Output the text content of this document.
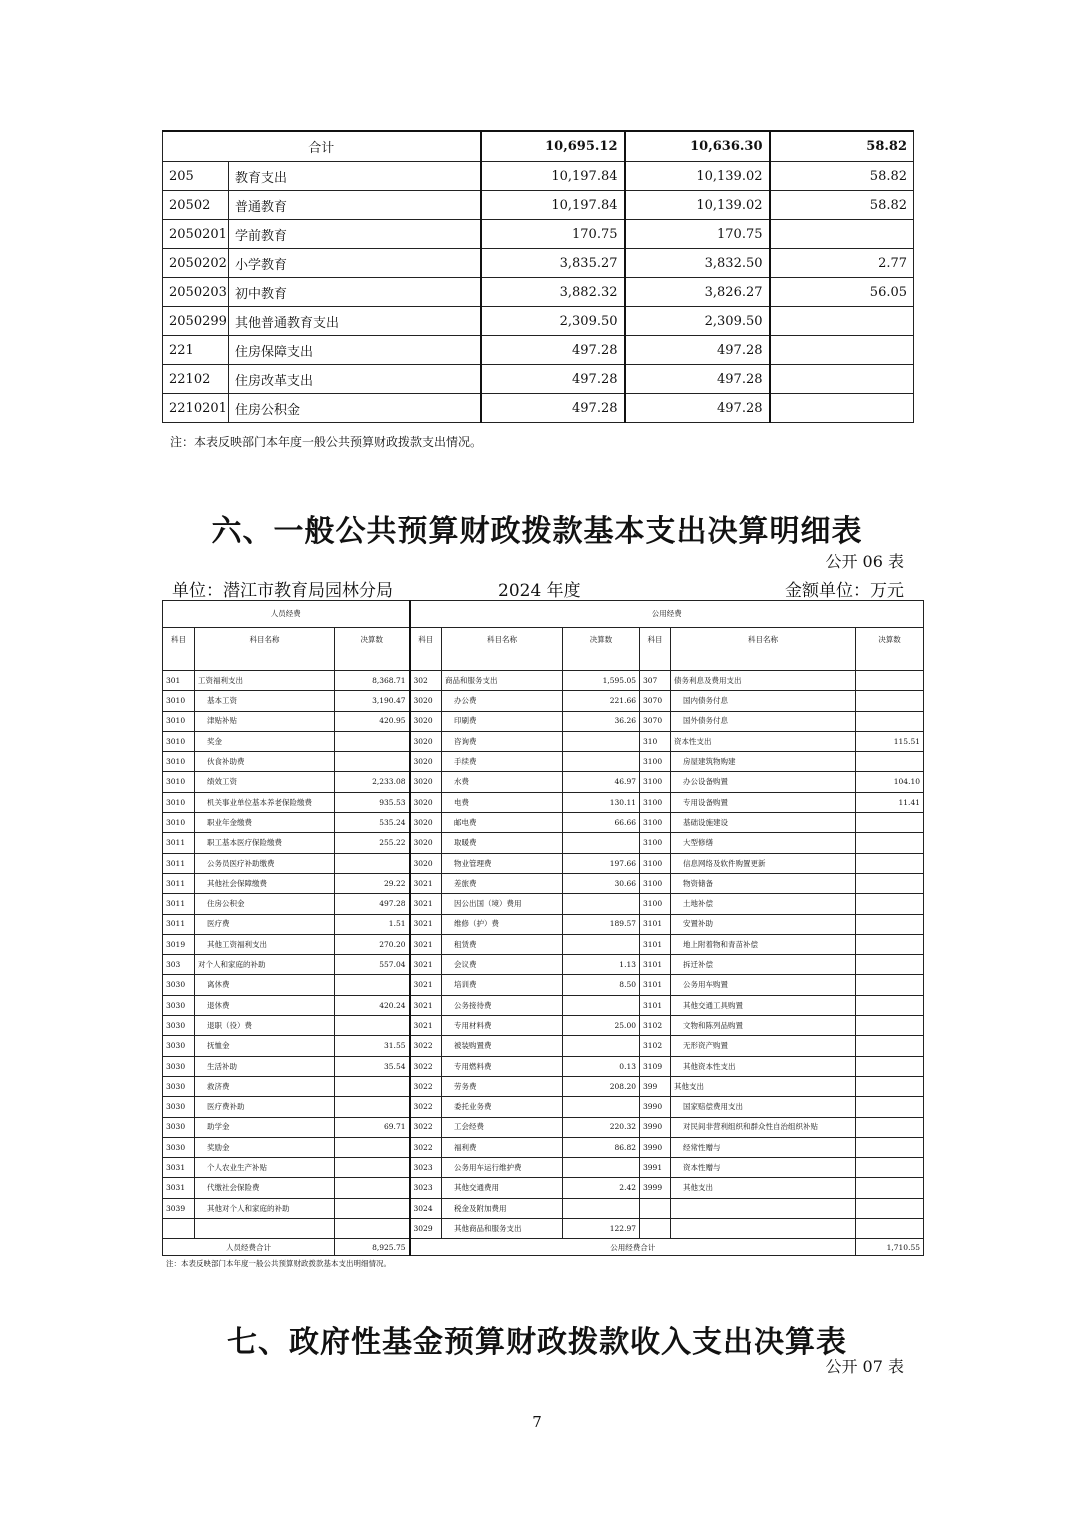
合计		10,695.12	10,636.30	58.82
205	教育支出	10,197.84	10,139.02	58.82
20502	普通教育	10,197.84	10,139.02	58.82
2050201	学前教育	170.75	170.75	
2050202	小学教育	3,835.27	3,832.50	2.77
2050203	初中教育	3,882.32	3,826.27	56.05
2050299	其他普通教育支出	2,309.50	2,309.50	
221	住房保障支出	497.28	497.28	
22102	住房改革支出	497.28	497.28	
2210201	住房公积金	497.28	497.28	
注：本表反映部门本年度一般公共预算财政拨款支出情况。
六、一般公共预算财政拨款基本支出决算明细表
公开 06 表
单位：潜江市教育局园林分局	2024 年度	金额单位：万元
人员经费			公用经费					
科目	科目名称	决算数	科目	科目名称	决算数	科目	科目名称	决算数
301	工资福利支出	8,368.71	302	商品和服务支出	1,595.05	307	债务利息及费用支出	
3010	基本工资	3,190.47	3020	办公费	221.66	3070	国内债务付息	
3010	津贴补贴	420.95	3020	印刷费	36.26	3070	国外债务付息	
3010	奖金		3020	咨询费		310	资本性支出	115.51
3010	伙食补助费		3020	手续费		3100	房屋建筑物购建	
3010	绩效工资	2,233.08	3020	水费	46.97	3100	办公设备购置	104.10
3010	机关事业单位基本养老保险缴费	935.53	3020	电费	130.11	3100	专用设备购置	11.41
3010	职业年金缴费	535.24	3020	邮电费	66.66	3100	基础设施建设	
3011	职工基本医疗保险缴费	255.22	3020	取暖费		3100	大型修缮	
3011	公务员医疗补助缴费		3020	物业管理费	197.66	3100	信息网络及软件购置更新	
3011	其他社会保障缴费	29.22	3021	差旅费	30.66	3100	物资储备	
3011	住房公积金	497.28	3021	因公出国（境）费用		3100	土地补偿	
3011	医疗费	1.51	3021	维修（护）费	189.57	3101	安置补助	
3019	其他工资福利支出	270.20	3021	租赁费		3101	地上附着物和青苗补偿	
303	对个人和家庭的补助	557.04	3021	会议费	1.13	3101	拆迁补偿	
3030	离休费		3021	培训费	8.50	3101	公务用车购置	
3030	退休费	420.24	3021	公务接待费		3101	其他交通工具购置	
3030	退职（役）费		3021	专用材料费	25.00	3102	文物和陈列品购置	
3030	抚恤金	31.55	3022	被装购置费		3102	无形资产购置	
3030	生活补助	35.54	3022	专用燃料费	0.13	3109	其他资本性支出	
3030	救济费		3022	劳务费	208.20	399	其他支出	
3030	医疗费补助		3022	委托业务费		3990	国家赔偿费用支出	
3030	助学金	69.71	3022	工会经费	220.32	3990	对民间非营利组织和群众性自治组织补贴	
3030	奖励金		3022	福利费	86.82	3990	经常性赠与	
3031	个人农业生产补贴		3023	公务用车运行维护费		3991	资本性赠与	
3031	代缴社会保险费		3023	其他交通费用	2.42	3999	其他支出	
3039	其他对个人和家庭的补助		3024	税金及附加费用				
			3029	其他商品和服务支出	122.97			
人员经费合计		8,925.75	公用经费合计					1,710.55
注：本表反映部门本年度一般公共预算财政拨款基本支出明细情况。
七、政府性基金预算财政拨款收入支出决算表
公开 07 表
7
